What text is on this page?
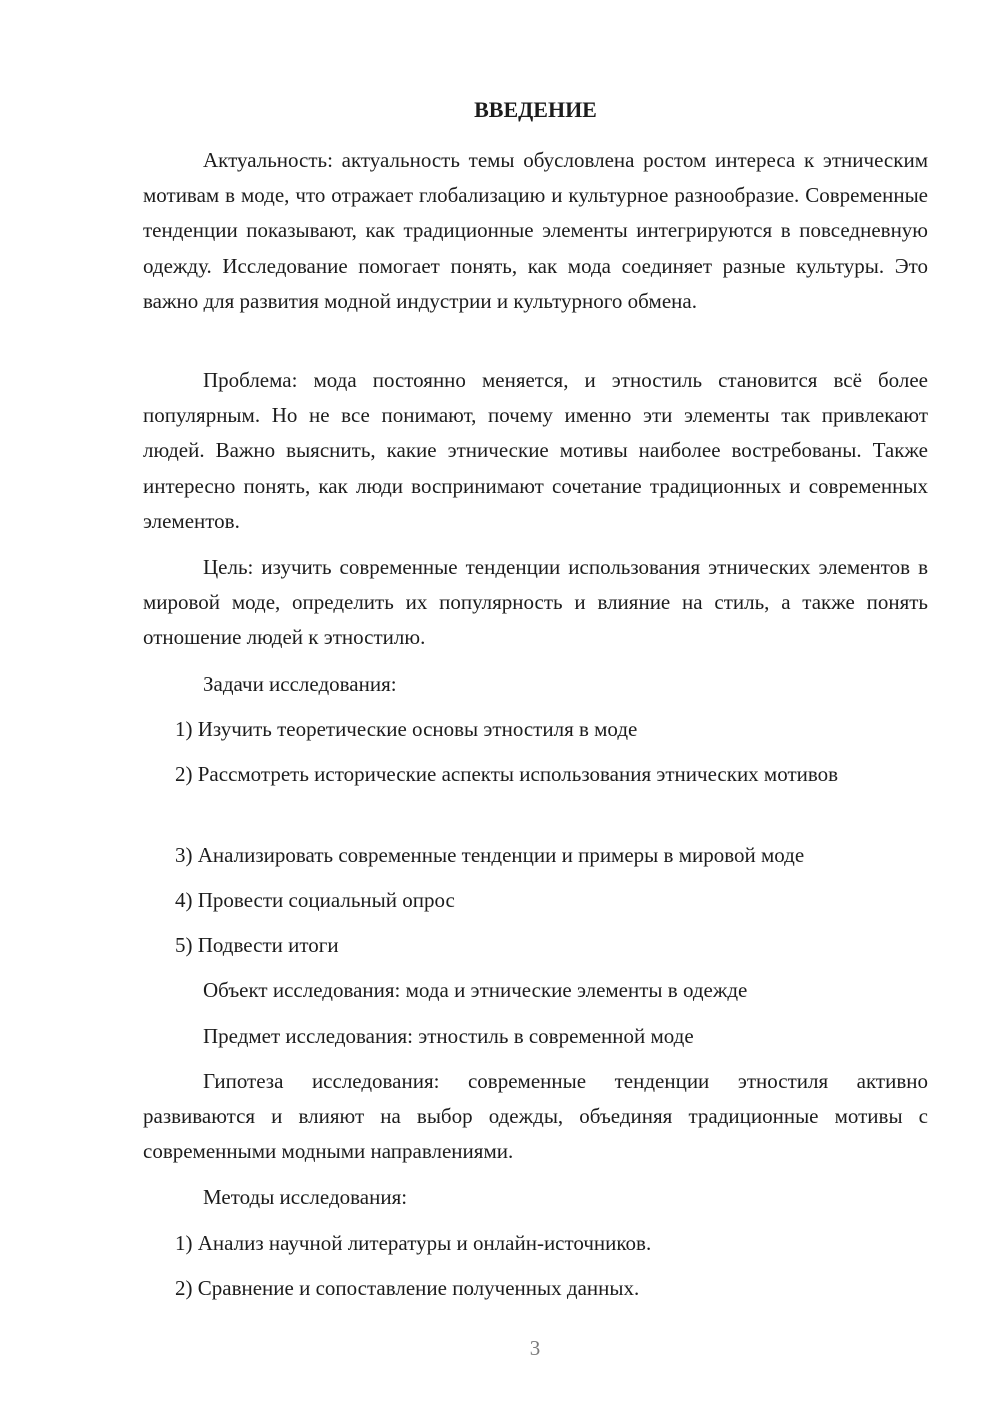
ВВЕДЕНИЕ

Актуальность: актуальность темы обусловлена ростом интереса к этническим мотивам в моде, что отражает глобализацию и культурное разнообразие. Современные тенденции показывают, как традиционные элементы интегрируются в повседневную одежду. Исследование помогает понять, как мода соединяет разные культуры. Это важно для развития модной индустрии и культурного обмена.

Проблема: мода постоянно меняется, и этностиль становится всё более популярным. Но не все понимают, почему именно эти элементы так привлекают людей. Важно выяснить, какие этнические мотивы наиболее востребованы. Также интересно понять, как люди воспринимают сочетание традиционных и современных элементов.

Цель: изучить современные тенденции использования этнических элементов в мировой моде, определить их популярность и влияние на стиль, а также понять отношение людей к этностилю.

Задачи исследования:

1) Изучить теоретические основы этностиля в моде

2) Рассмотреть исторические аспекты использования этнических мотивов

3) Анализировать современные тенденции и примеры в мировой моде

4) Провести социальный опрос

5) Подвести итоги

Объект исследования: мода и этнические элементы в одежде

Предмет исследования: этностиль в современной моде

Гипотеза исследования: современные тенденции этностиля активно развиваются и влияют на выбор одежды, объединяя традиционные мотивы с современными модными направлениями.

Методы исследования:

1) Анализ научной литературы и онлайн-источников.

2) Сравнение и сопоставление полученных данных.

3
